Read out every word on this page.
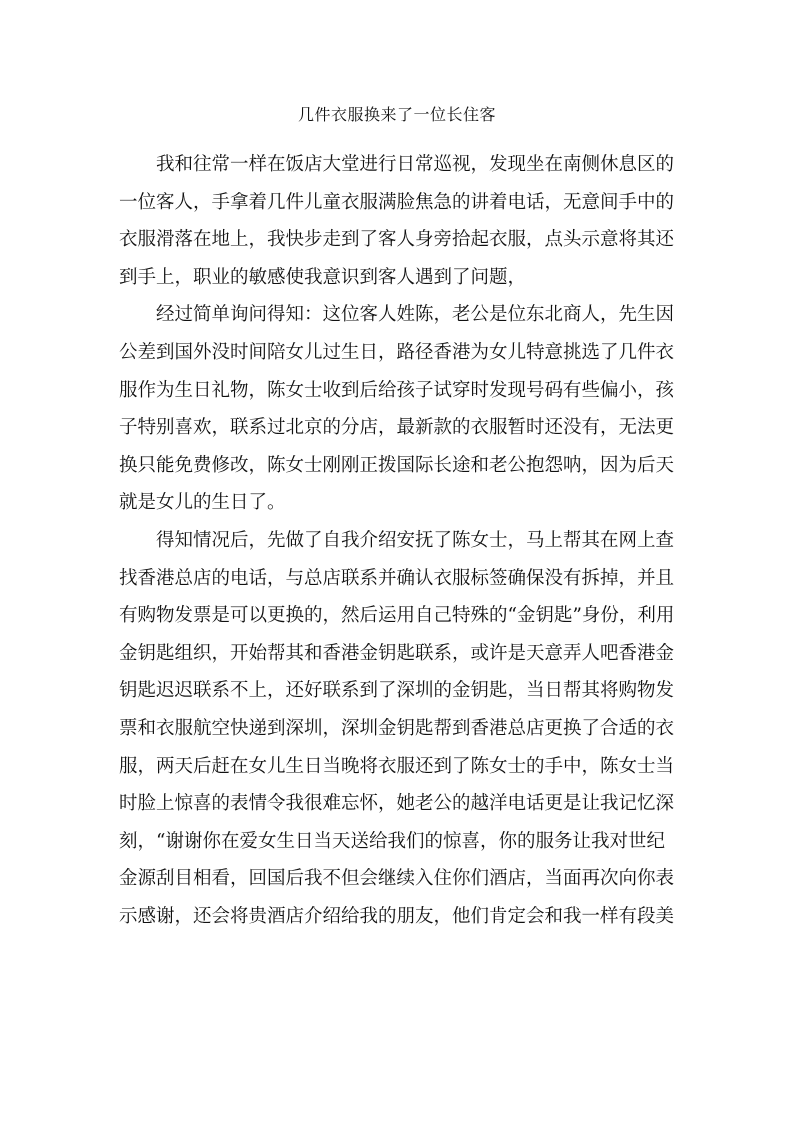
几件衣服换来了一位长住客
我和往常一样在饭店大堂进行日常巡视，发现坐在南侧休息区的
一位客人，手拿着几件儿童衣服满脸焦急的讲着电话，无意间手中的
衣服滑落在地上，我快步走到了客人身旁拾起衣服，点头示意将其还
到手上，职业的敏感使我意识到客人遇到了问题，
经过简单询问得知：这位客人姓陈，老公是位东北商人，先生因
公差到国外没时间陪女儿过生日，路径香港为女儿特意挑选了几件衣
服作为生日礼物，陈女士收到后给孩子试穿时发现号码有些偏小，孩
子特别喜欢，联系过北京的分店，最新款的衣服暂时还没有，无法更
换只能免费修改，陈女士刚刚正拨国际长途和老公抱怨呐，因为后天
就是女儿的生日了。
得知情况后，先做了自我介绍安抚了陈女士，马上帮其在网上查
找香港总店的电话，与总店联系并确认衣服标签确保没有拆掉，并且
有购物发票是可以更换的，然后运用自己特殊的“金钥匙”身份，利用
金钥匙组织，开始帮其和香港金钥匙联系，或许是天意弄人吧香港金
钥匙迟迟联系不上，还好联系到了深圳的金钥匙，当日帮其将购物发
票和衣服航空快递到深圳，深圳金钥匙帮到香港总店更换了合适的衣
服，两天后赶在女儿生日当晚将衣服还到了陈女士的手中，陈女士当
时脸上惊喜的表情令我很难忘怀，她老公的越洋电话更是让我记忆深
刻，“谢谢你在爱女生日当天送给我们的惊喜，你的服务让我对世纪
金源刮目相看，回国后我不但会继续入住你们酒店，当面再次向你表
示感谢，还会将贵酒店介绍给我的朋友，他们肯定会和我一样有段美
